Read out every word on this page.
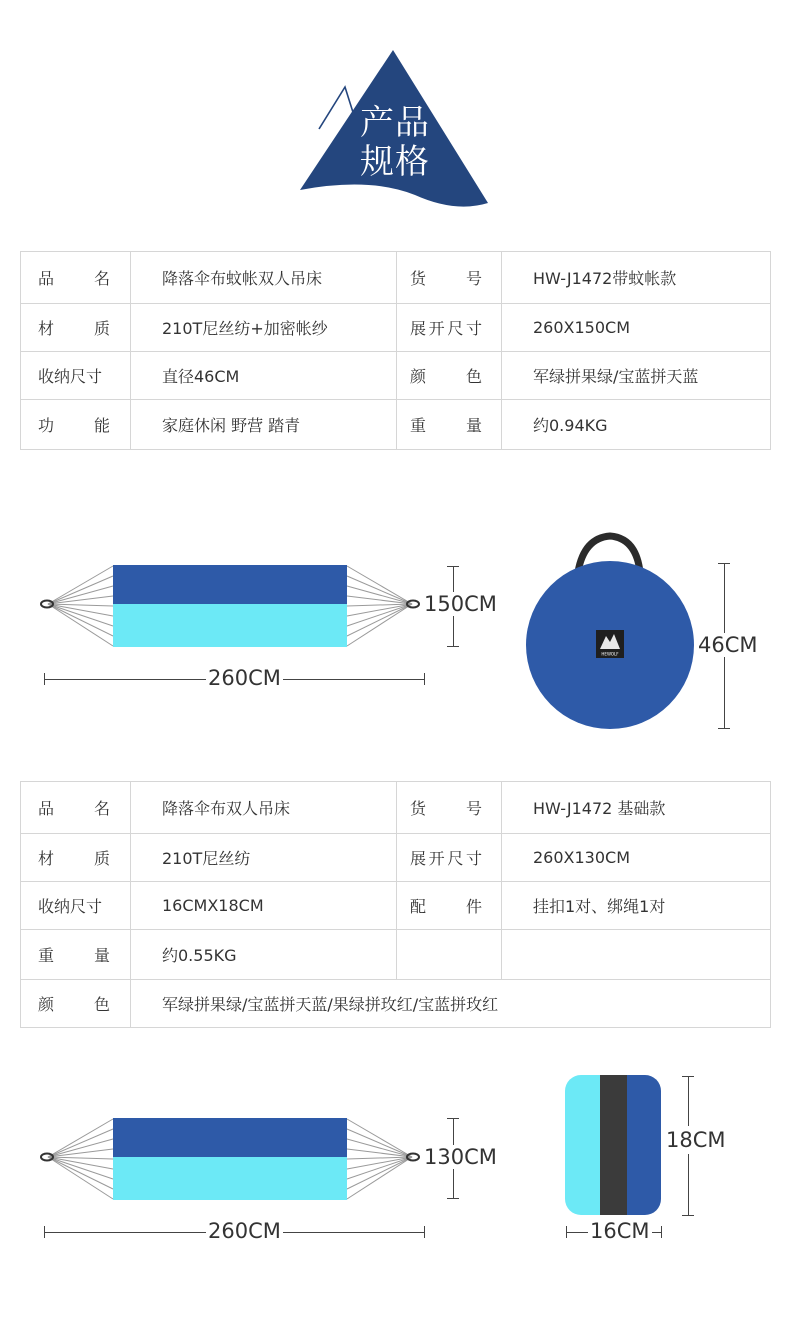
产品
规格
品名	降落伞布蚊帐双人吊床	货号	HW-J1472带蚊帐款
材质	210T尼丝纺+加密帐纱	展开尺寸	260X150CM
收纳尺寸	直径46CM	颜色	军绿拼果绿/宝蓝拼天蓝
功能	家庭休闲 野营 踏青	重量	约0.94KG
150CM
260CM
HEWOLF	46CM
品名	降落伞布双人吊床	货号	HW-J1472 基础款
材质	210T尼丝纺	展开尺寸	260X130CM
收纳尺寸	16CMX18CM	配件	挂扣1对、绑绳1对
重量	约0.55KG		
颜色	军绿拼果绿/宝蓝拼天蓝/果绿拼玫红/宝蓝拼玫红		
130CM
260CM
18CM
16CM
